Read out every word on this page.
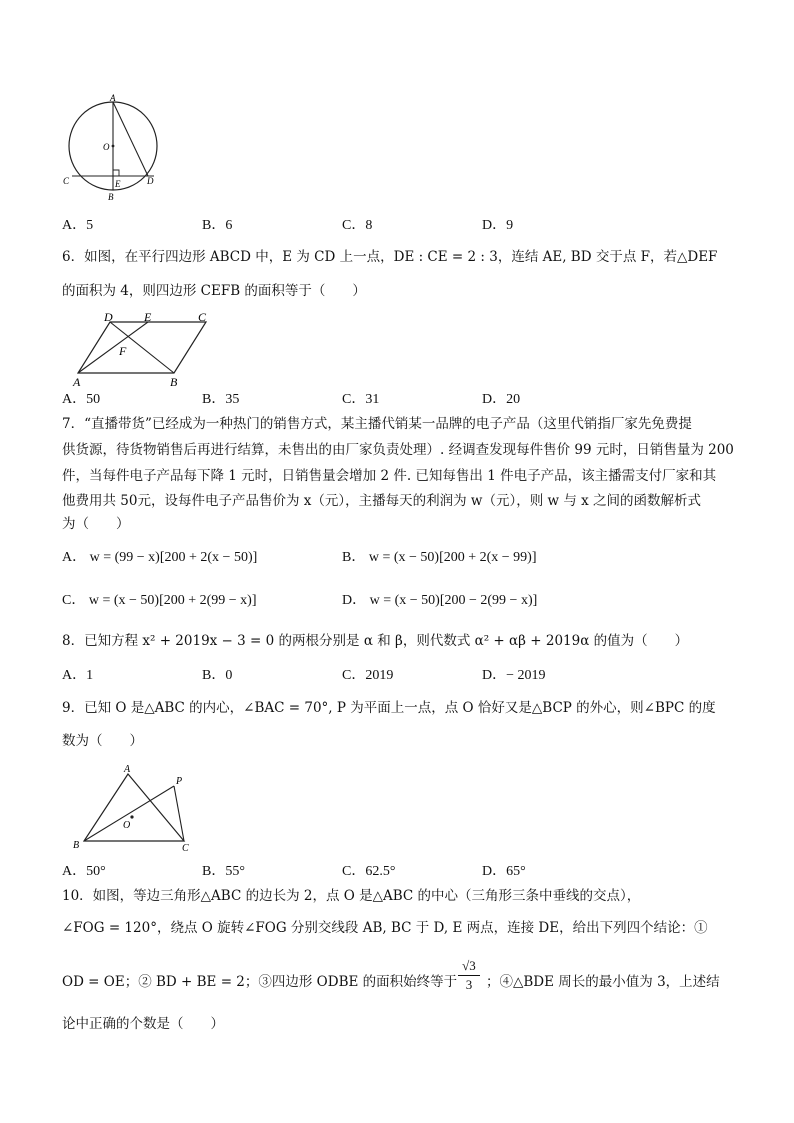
A
O
C	E	D
B
A．5	B．6	C．8	D．9
6．如图，在平行四边形 ABCD 中，E 为 CD 上一点，DE : CE = 2 : 3，连结 AE, BD 交于点 F，若△DEF
的面积为 4，则四边形 CEFB 的面积等于（　　）
D	E	C
F
A	B
A．50	B．35	C．31	D．20
7．“直播带货”已经成为一种热门的销售方式，某主播代销某一品牌的电子产品（这里代销指厂家先免费提
供货源，待货物销售后再进行结算，未售出的由厂家负责处理）. 经调查发现每件售价 99 元时，日销售量为 200
件，当每件电子产品每下降 1 元时，日销售量会增加 2 件. 已知每售出 1 件电子产品，该主播需支付厂家和其
他费用共 50元，设每件电子产品售价为 x（元），主播每天的利润为 w（元），则 w 与 x 之间的函数解析式
为（　　）
A． w = (99 − x)[200 + 2(x − 50)]	B． w = (x − 50)[200 + 2(x − 99)]
C． w = (x − 50)[200 + 2(99 − x)]	D． w = (x − 50)[200 − 2(99 − x)]
8．已知方程 x² + 2019x − 3 = 0 的两根分别是 α 和 β，则代数式 α² + αβ + 2019α 的值为（　　）
A．1	B．0	C．2019	D．− 2019
9．已知 O 是△ABC 的内心，∠BAC = 70°, P 为平面上一点，点 O 恰好又是△BCP 的外心，则∠BPC 的度
数为（　　）
A
P
O
B	C
A．50°	B．55°	C．62.5°	D．65°
10．如图，等边三角形△ABC 的边长为 2，点 O 是△ABC 的中心（三角形三条中垂线的交点），
∠FOG = 120°，绕点 O 旋转∠FOG 分别交线段 AB, BC 于 D, E 两点，连接 DE，给出下列四个结论：①
OD = OE；② BD + BE = 2；③四边形 ODBE 的面积始终等于 $\frac{√3}{3}$ ；④△BDE 周长的最小值为 3，上述结
论中正确的个数是（　　）
